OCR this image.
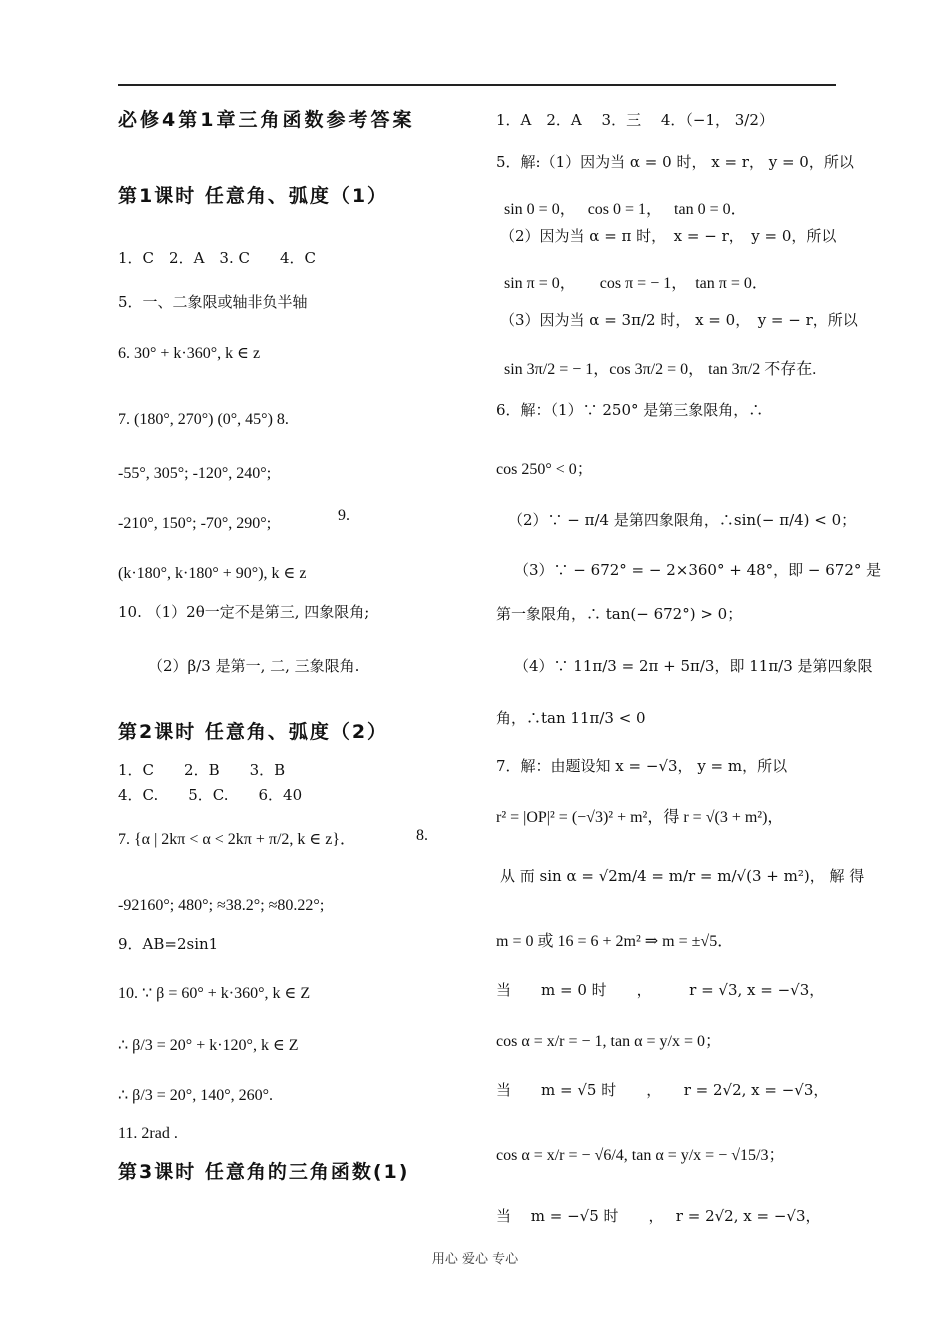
必修4第1章三角函数参考答案
第1课时 任意角、弧度（1）
1．C　2．A　3. C　　4．C
5．一、二象限或轴非负半轴
6. 30° + k·360°, k ∈ z
7. (180°, 270°) (0°, 45°) 8.
-55°, 305°; -120°, 240°;
-210°, 150°; -70°, 290°;	9.
(k·180°, k·180° + 90°), k ∈ z
10. （1）2θ一定不是第三, 四象限角;
（2）β/3 是第一, 二, 三象限角.
第2课时 任意角、弧度（2）
1．C　　2．B　　3．B
4．C.　　5．C.　　6．40
7. {α | 2kπ < α < 2kπ + π/2, k ∈ z}．	8.
-92160°; 480°; ≈38.2°; ≈80.22°;
9．AB=2sin1
10. ∵ β = 60° + k·360°, k ∈ Z
∴ β/3 = 20° + k·120°, k ∈ Z
∴ β/3 = 20°, 140°, 260°.
11. 2rad .
第3课时 任意角的三角函数(1)
1．A　2．A　 3．三　 4．（−1， 3/2）
5．解:（1）因为当 α = 0 时， x = r， y = 0，所以
sin 0 = 0，　 cos 0 = 1，　 tan 0 = 0．
（2）因为当 α = π 时，　x = − r，　y = 0，所以
sin π = 0，　　cos π = − 1，　tan π = 0．
（3）因为当 α = 3π/2 时， x = 0，　y = − r，所以
sin 3π/2 = − 1，cos 3π/2 = 0， tan 3π/2 不存在.
6．解：（1）∵ 250° 是第三象限角，∴
cos 250° < 0；
（2）∵ − π/4 是第四象限角，∴sin(− π/4) < 0；
（3）∵ − 672° = − 2×360° + 48°，即 − 672° 是
第一象限角，∴ tan(− 672°) > 0；
（4）∵ 11π/3 = 2π + 5π/3，即 11π/3 是第四象限
角，∴tan 11π/3 < 0
7．解：由题设知 x = −√3， y = m，所以
r² = |OP|² = (−√3)² + m²，得 r = √(3 + m²)，
从 而 sin α = √2m/4 = m/r = m/√(3 + m²)， 解 得
m = 0 或 16 = 6 + 2m² ⇒ m = ±√5．
当　　m = 0 时　　，　　　r = √3, x = −√3，
cos α = x/r = − 1, tan α = y/x = 0；
当　　m = √5 时　　，　　r = 2√2, x = −√3，
cos α = x/r = − √6/4, tan α = y/x = − √15/3；
当　 m = −√5 时　　，　 r = 2√2, x = −√3，
用心 爱心 专心
